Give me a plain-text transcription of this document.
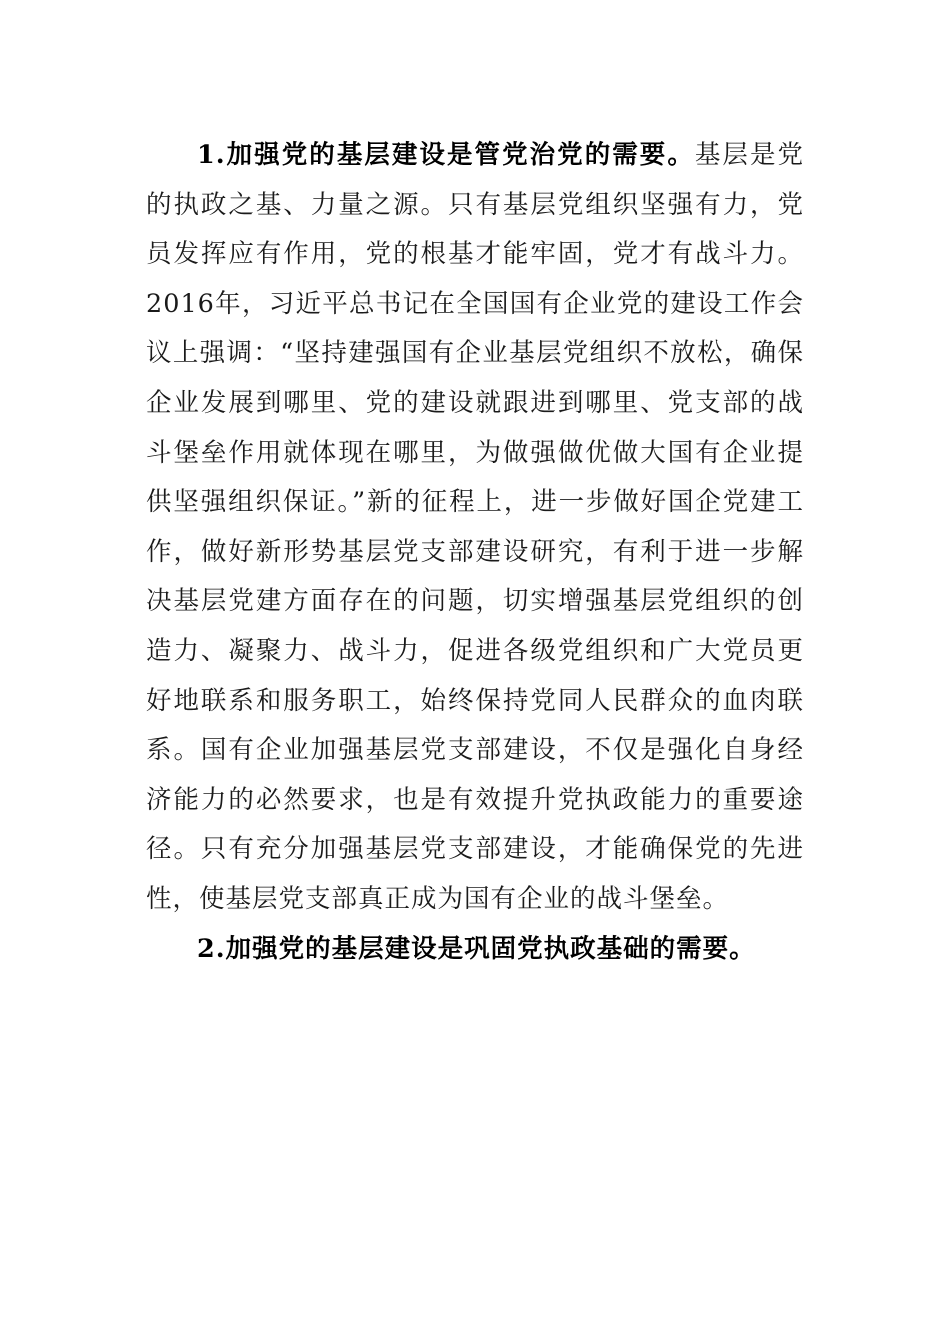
1.加强党的基层建设是管党治党的需要。基层是党的执政之基、力量之源。只有基层党组织坚强有力，党员发挥应有作用，党的根基才能牢固，党才有战斗力。2016年，习近平总书记在全国国有企业党的建设工作会议上强调：“坚持建强国有企业基层党组织不放松，确保企业发展到哪里、党的建设就跟进到哪里、党支部的战斗堡垒作用就体现在哪里，为做强做优做大国有企业提供坚强组织保证。”新的征程上，进一步做好国企党建工作，做好新形势基层党支部建设研究，有利于进一步解决基层党建方面存在的问题，切实增强基层党组织的创造力、凝聚力、战斗力，促进各级党组织和广大党员更好地联系和服务职工，始终保持党同人民群众的血肉联系。国有企业加强基层党支部建设，不仅是强化自身经济能力的必然要求，也是有效提升党执政能力的重要途径。只有充分加强基层党支部建设，才能确保党的先进性，使基层党支部真正成为国有企业的战斗堡垒。

2.加强党的基层建设是巩固党执政基础的需要。
